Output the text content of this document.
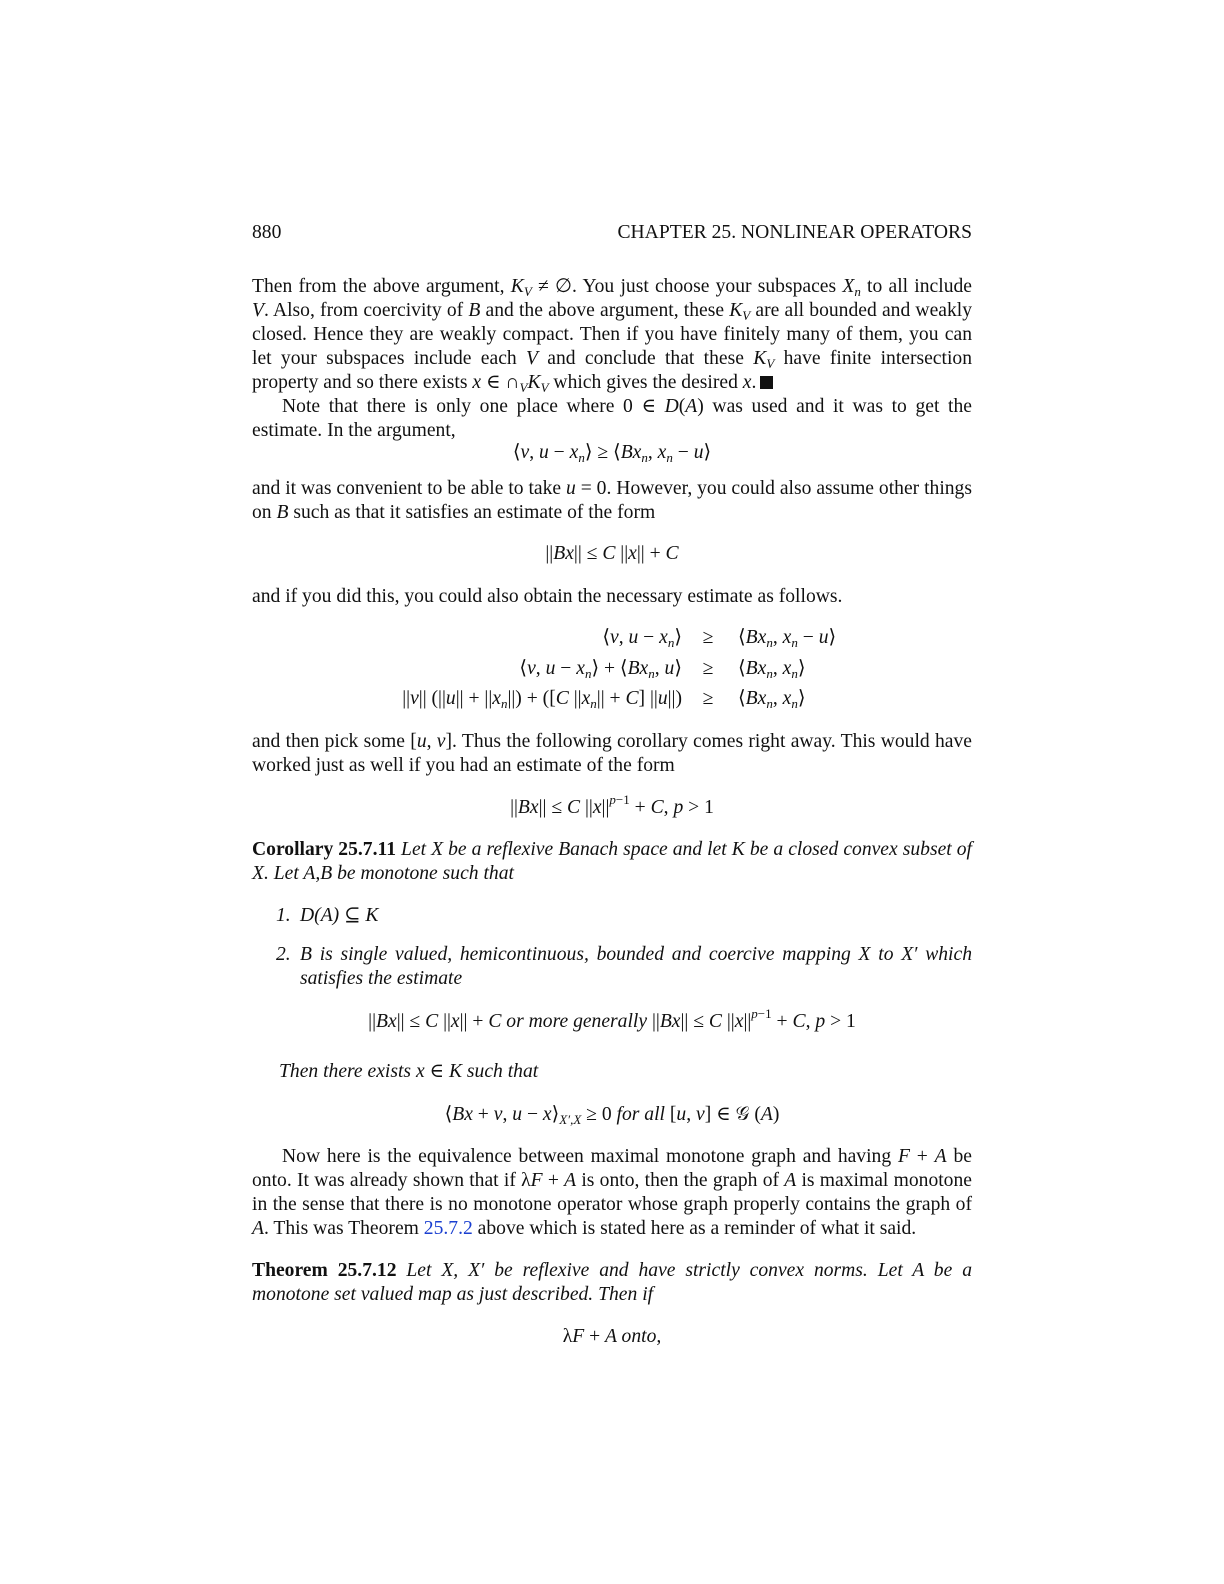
880	CHAPTER 25. NONLINEAR OPERATORS

Then from the above argument, $K_V$ ≠ ∅. You just choose your subspaces $X_n$ to all include V. Also, from coercivity of B and the above argument, these $K_V$ are all bounded and weakly closed. Hence they are weakly compact. Then if you have finitely many of them, you can let your subspaces include each V and conclude that these $K_V$ have finite intersection property and so there exists x ∈ $\cap_VK_V$ which gives the desired x.

Note that there is only one place where 0 ∈ D(A) was used and it was to get the estimate. In the argument,

⟨v, $u - x_n⟩$ ≥ $⟨Bx_n$, $x_n$ − u⟩

and it was convenient to be able to take u = 0. However, you could also assume other things on B such as that it satisfies an estimate of the form

||Bx|| ≤ C ||x|| + C

and if you did this, you could also obtain the necessary estimate as follows.

⟨v, $u - x_n⟩$	≥	$⟨Bx_n$, $x_n$ − u⟩
⟨v, $u - x_n⟩$ + $⟨Bx_n$, u⟩	≥	$⟨Bx_n$, $x_n⟩$
||v|| $(||u|| + ||x_n||) + ([C$ $||x_n|| + C$] ||u||)	≥	$⟨Bx_n$, $x_n⟩$

and then pick some [u, v]. Thus the following corollary comes right away. This would have worked just as well if you had an estimate of the form

||Bx|| ≤ C $||x||^{p-1} + C$, p > 1

Corollary 25.7.11 Let X be a reflexive Banach space and let K be a closed convex subset of X. Let A,B be monotone such that

1. D(A) ⊆ K
2. B is single valued, hemicontinuous, bounded and coercive mapping X to X′ which satisfies the estimate
||Bx|| ≤ C ||x|| + C or more generally ||Bx|| ≤ C $||x||^{p-1} + C$, p > 1

Then there exists x ∈ K such that

⟨Bx + v, $u - x⟩_{X',X} \ge 0$ for all [u, v] ∈ 𝒢 (A)

Now here is the equivalence between maximal monotone graph and having F + A be onto. It was already shown that if λF + A is onto, then the graph of A is maximal monotone in the sense that there is no monotone operator whose graph properly contains the graph of A. This was Theorem 25.7.2 above which is stated here as a reminder of what it said.

Theorem 25.7.12 Let X, X′ be reflexive and have strictly convex norms. Let A be a monotone set valued map as just described. Then if

λF + A onto,
